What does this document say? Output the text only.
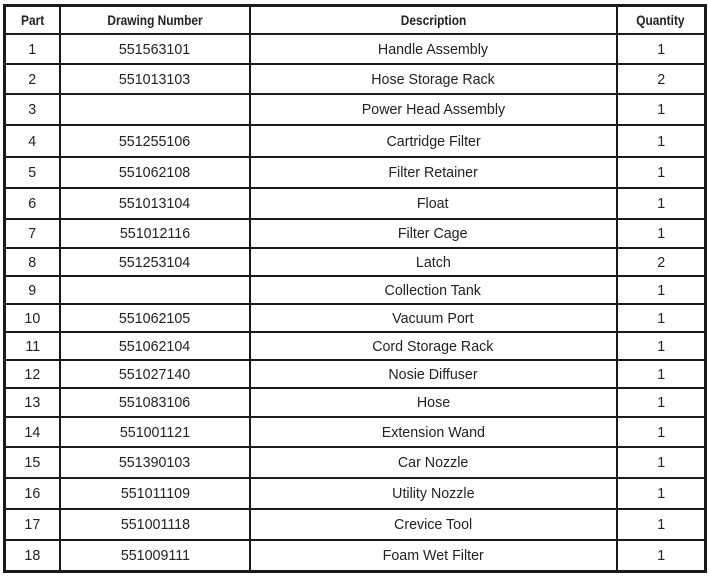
Part	Drawing Number	Description	Quantity
1	551563101	Handle Assembly	1
2	551013103	Hose Storage Rack	2
3		Power Head Assembly	1
4	551255106	Cartridge Filter	1
5	551062108	Filter Retainer	1
6	551013104	Float	1
7	551012116	Filter Cage	1
8	551253104	Latch	2
9		Collection Tank	1
10	551062105	Vacuum Port	1
11	551062104	Cord Storage Rack	1
12	551027140	Nosie Diffuser	1
13	551083106	Hose	1
14	551001121	Extension Wand	1
15	551390103	Car Nozzle	1
16	551011109	Utility Nozzle	1
17	551001118	Crevice Tool	1
18	551009111	Foam Wet Filter	1
